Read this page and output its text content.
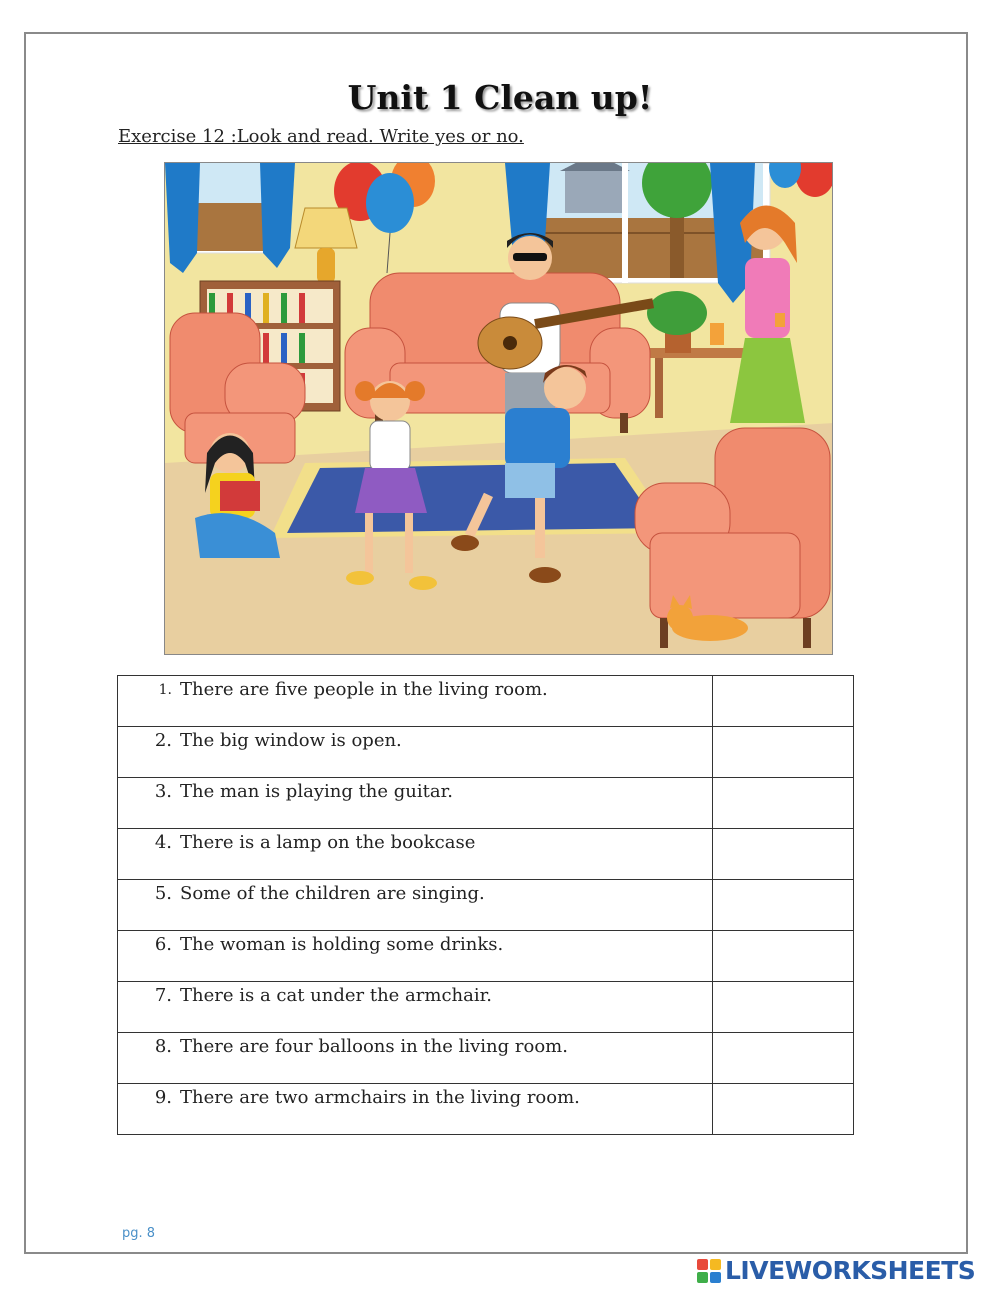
Unit 1 Clean up!
Exercise 12 :Look and read. Write yes or no.
1. There are five people in the living room.	

2. The big window is open.	

3. The man is playing the guitar.	

4. There is a lamp on the bookcase	

5. Some of the children are singing.	

6. The woman is holding some drinks.	

7. There is a cat under the armchair.	

8. There are four balloons in the living room.	

9. There are two armchairs in the living room.	

pg. 8
LIVEWORKSHEETS
